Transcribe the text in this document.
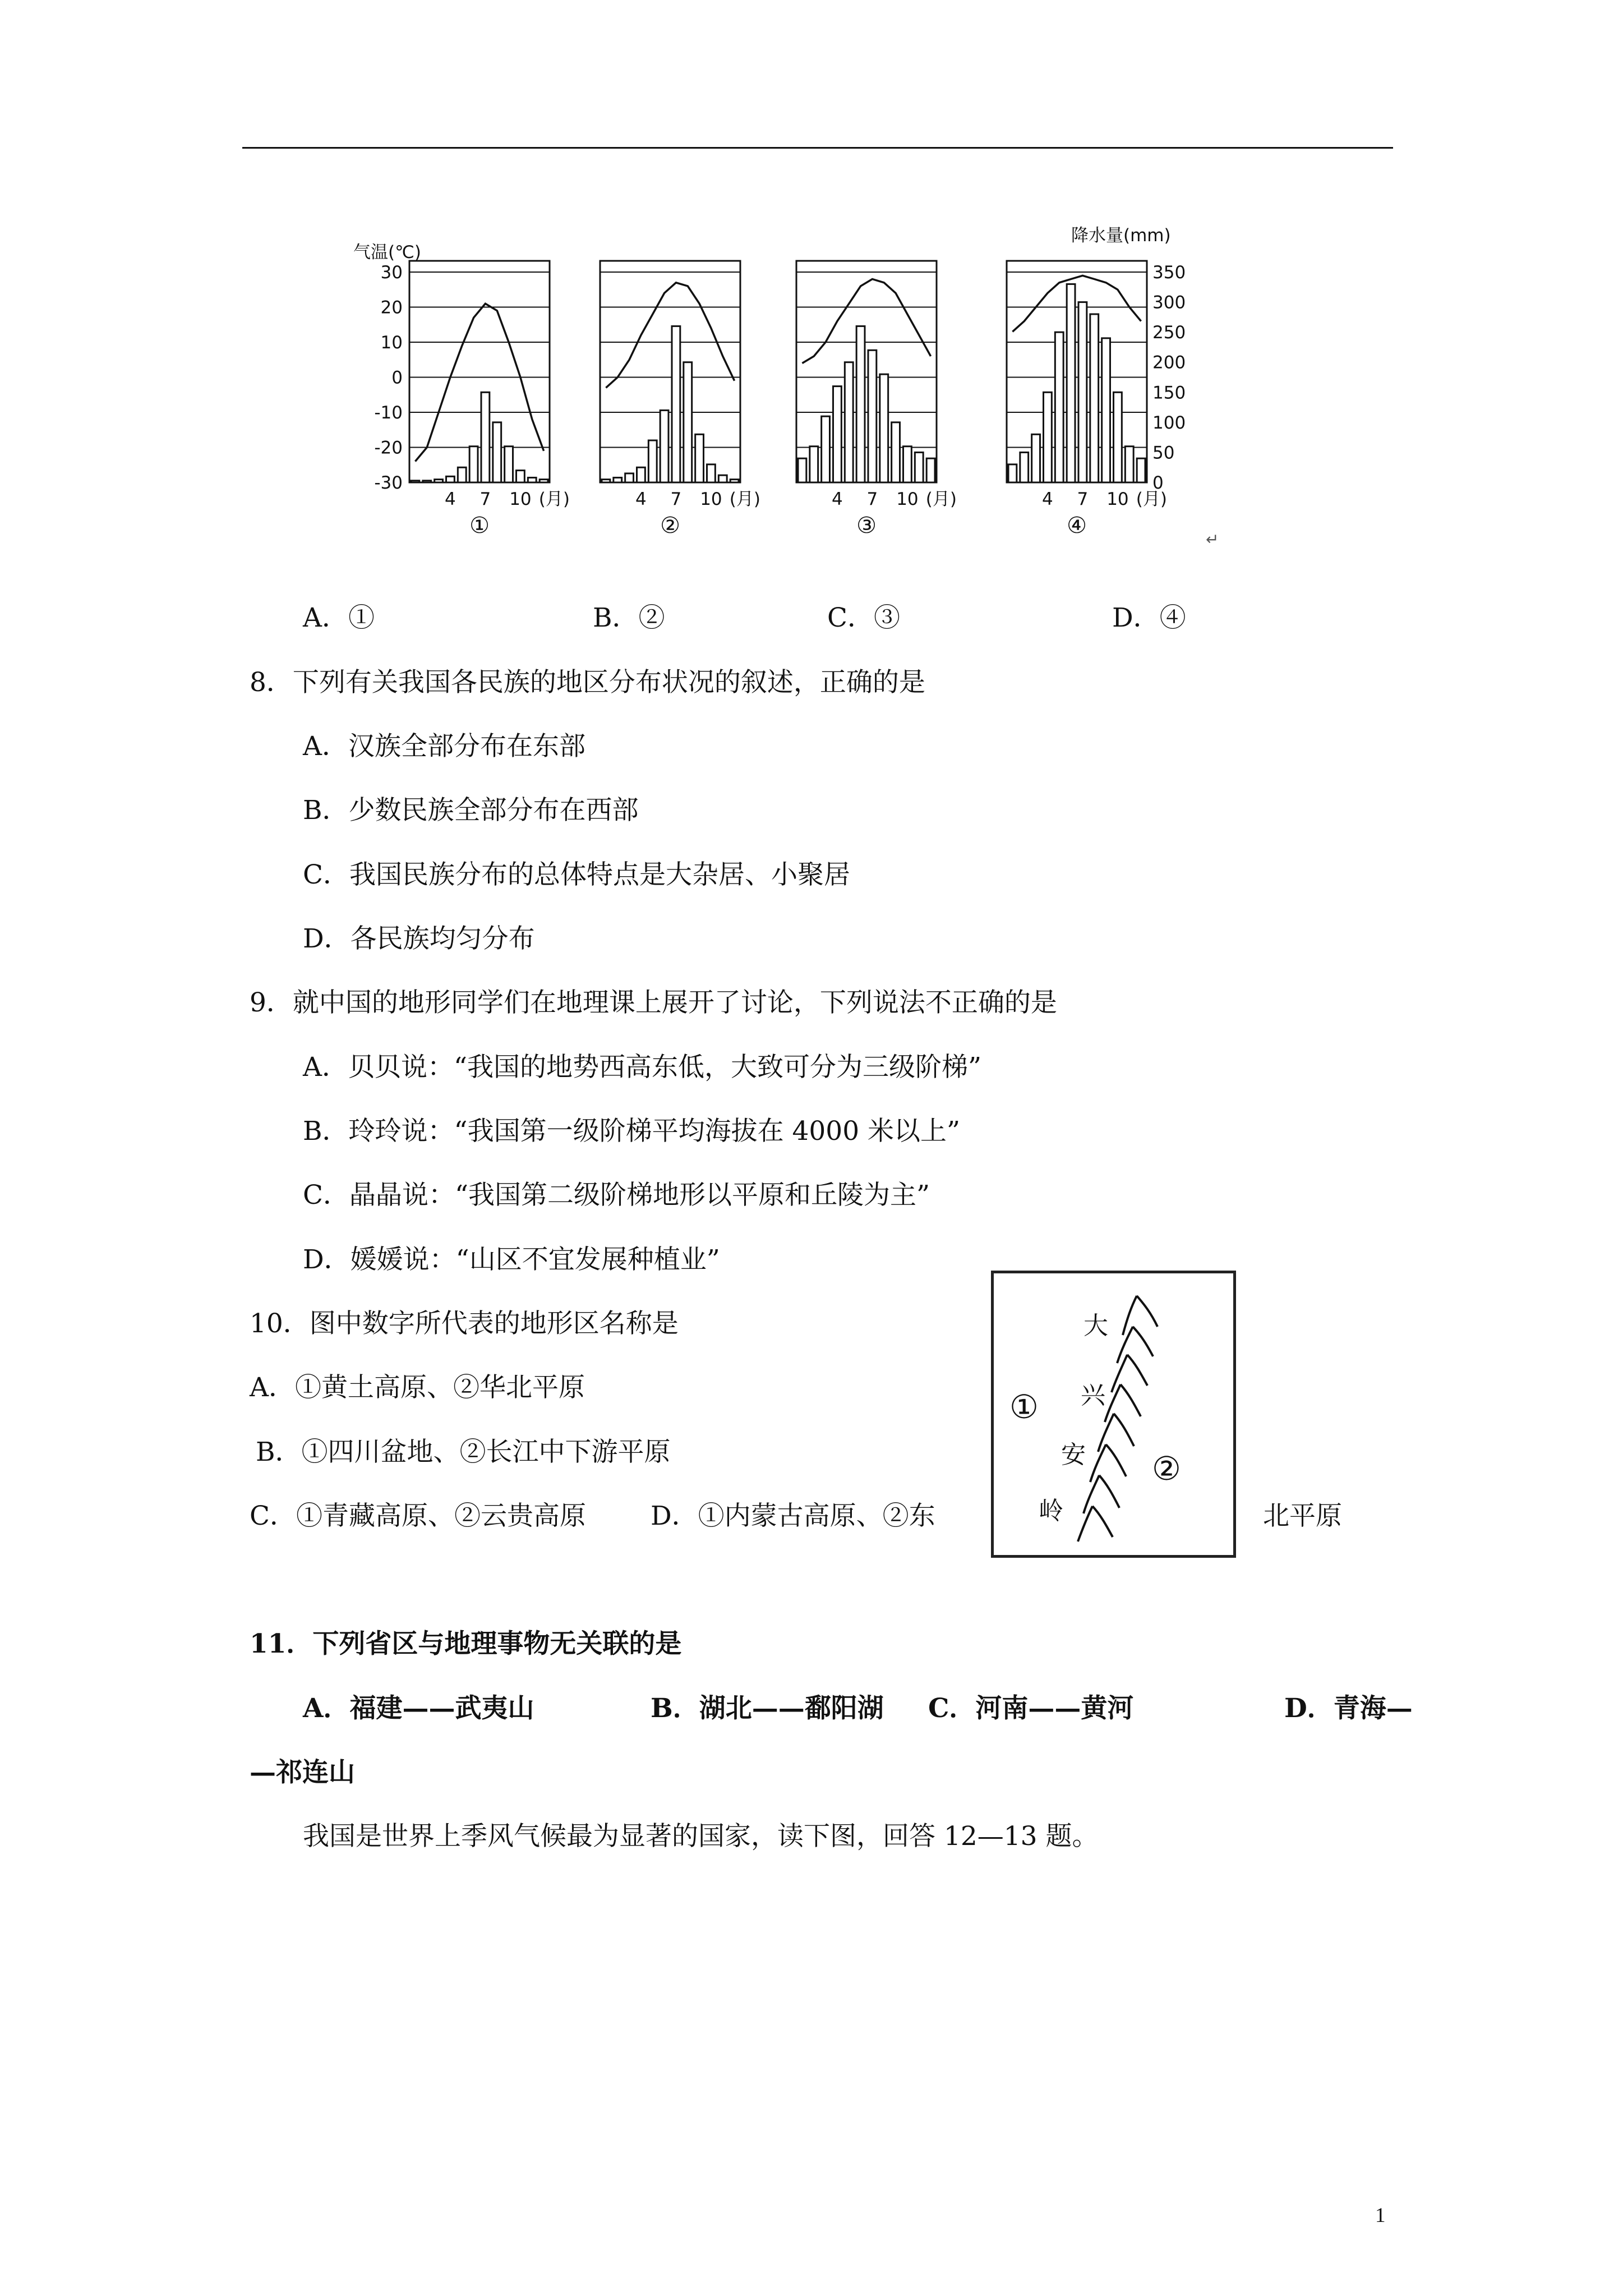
气温(℃)
降水量(mm)
4 7 10 (月)
①
30
20
10
0
-10
-20
-30
4 7 10 (月)
②
4 7 10 (月)
③
4 7 10 (月)
④
350
300
250
200
150
100
50
0
↵
A．①	B．②	C．③	D．④
8．下列有关我国各民族的地区分布状况的叙述，正确的是
A．汉族全部分布在东部
B．少数民族全部分布在西部
C．我国民族分布的总体特点是大杂居、小聚居
D．各民族均匀分布
9．就中国的地形同学们在地理课上展开了讨论，下列说法不正确的是
A．贝贝说：“我国的地势西高东低，大致可分为三级阶梯”
B．玲玲说：“我国第一级阶梯平均海拔在 4000 米以上”
C．晶晶说：“我国第二级阶梯地形以平原和丘陵为主”
D．媛媛说：“山区不宜发展种植业”
10．图中数字所代表的地形区名称是
A．①黄土高原、②华北平原
B．①四川盆地、②长江中下游平原
C．①青藏高原、②云贵高原 D．①内蒙古高原、②东	北平原
大
兴
安
岭
①
②
11．下列省区与地理事物无关联的是
A．福建——武夷山	B．湖北——鄱阳湖 C．河南——黄河	D．青海—
—祁连山
我国是世界上季风气候最为显著的国家，读下图，回答 12—13 题。
1
